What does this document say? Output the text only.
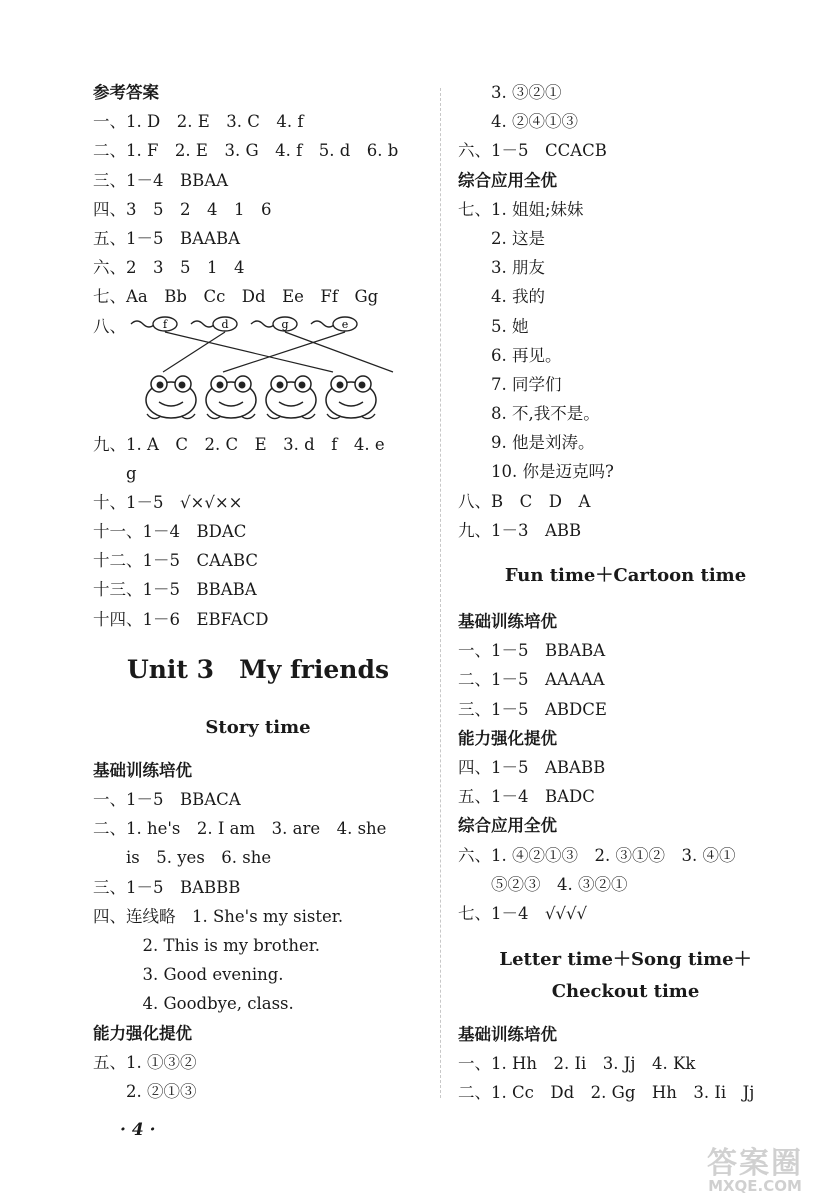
参考答案
一、1. D　2. E　3. C　4. f
二、1. F　2. E　3. G　4. f　5. d　6. b
三、1－4　BBAA
四、3　5　2　4　1　6
五、1－5　BAABA
六、2　3　5　1　4
七、Aa　Bb　Cc　Dd　Ee　Ff　Gg
八、	f	d	g	e
九、1. A　C　2. C　E　3. d　f　4. e
　　g
十、1－5　√×√××
十一、1－4　BDAC
十二、1－5　CAABC
十三、1－5　BBABA
十四、1－6　EBFACD
Unit 3　My friends
Story time
基础训练培优
一、1－5　BBACA
二、1. he's　2. I am　3. are　4. she
　　is　5. yes　6. she
三、1－5　BABBB
四、连线略　1. She's my sister.
　　　2. This is my brother.
　　　3. Good evening.
　　　4. Goodbye, class.
能力强化提优
五、1. ①③②
　　2. ②①③
　　3. ③②①
　　4. ②④①③
六、1－5　CCACB
综合应用全优
七、1. 姐姐;妹妹
　　2. 这是
　　3. 朋友
　　4. 我的
　　5. 她
　　6. 再见。
　　7. 同学们
　　8. 不,我不是。
　　9. 他是刘涛。
　　10. 你是迈克吗?
八、B　C　D　A
九、1－3　ABB
Fun time＋Cartoon time
基础训练培优
一、1－5　BBABA
二、1－5　AAAAA
三、1－5　ABDCE
能力强化提优
四、1－5　ABABB
五、1－4　BADC
综合应用全优
六、1. ④②①③　2. ③①②　3. ④①
　　⑤②③　4. ③②①
七、1－4　√√√√
Letter time＋Song time＋
Checkout time
基础训练培优
一、1. Hh　2. Ii　3. Jj　4. Kk
二、1. Cc　Dd　2. Gg　Hh　3. Ii　Jj
· 4 ·
答案圈
MXQE.COM
